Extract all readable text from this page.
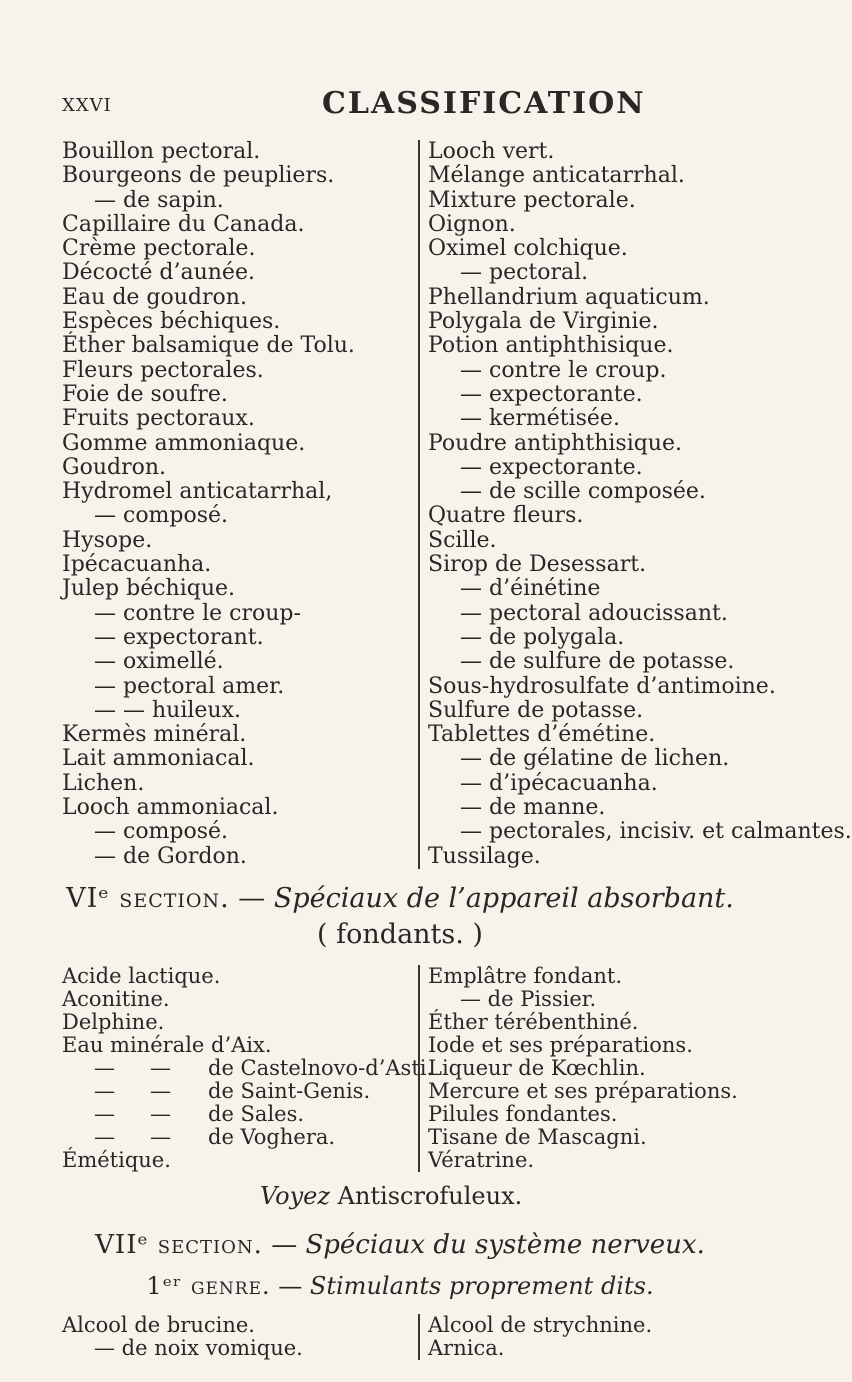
XXVI	CLASSIFICATION
Bouillon pectoral.
Bourgeons de peupliers.
— de sapin.
Capillaire du Canada.
Crème pectorale.
Décocté d’aunée.
Eau de goudron.
Espèces béchiques.
Éther balsamique de Tolu.
Fleurs pectorales.
Foie de soufre.
Fruits pectoraux.
Gomme ammoniaque.
Goudron.
Hydromel anticatarrhal,
— composé.
Hysope.
Ipécacuanha.
Julep béchique.
— contre le croup-
— expectorant.
— oximellé.
— pectoral amer.
— — huileux.
Kermès minéral.
Lait ammoniacal.
Lichen.
Looch ammoniacal.
— composé.
— de Gordon.
Looch vert.
Mélange anticatarrhal.
Mixture pectorale.
Oignon.
Oximel colchique.
— pectoral.
Phellandrium aquaticum.
Polygala de Virginie.
Potion antiphthisique.
— contre le croup.
— expectorante.
— kermétisée.
Poudre antiphthisique.
— expectorante.
— de scille composée.
Quatre fleurs.
Scille.
Sirop de Desessart.
— d’éinétine
— pectoral adoucissant.
— de polygala.
— de sulfure de potasse.
Sous-hydrosulfate d’antimoine.
Sulfure de potasse.
Tablettes d’émétine.
— de gélatine de lichen.
— d’ipécacuanha.
— de manne.
— pectorales, incisiv. et calmantes.
Tussilage.
VIᵉ section. — Spéciaux de l’appareil absorbant.
( fondants. )
Acide lactique.
Aconitine.
Delphine.
Eau minérale d’Aix.
— — de Castelnovo-d’Asti.
— — de Saint-Genis.
— — de Sales.
— — de Voghera.
Émétique.
Emplâtre fondant.
— de Pissier.
Éther térébenthiné.
Iode et ses préparations.
Liqueur de Kœchlin.
Mercure et ses préparations.
Pilules fondantes.
Tisane de Mascagni.
Vératrine.
Voyez Antiscrofuleux.
VIIᵉ section. — Spéciaux du système nerveux.
1ᵉʳ genre. — Stimulants proprement dits.
Alcool de brucine.
— de noix vomique.
Alcool de strychnine.
Arnica.
